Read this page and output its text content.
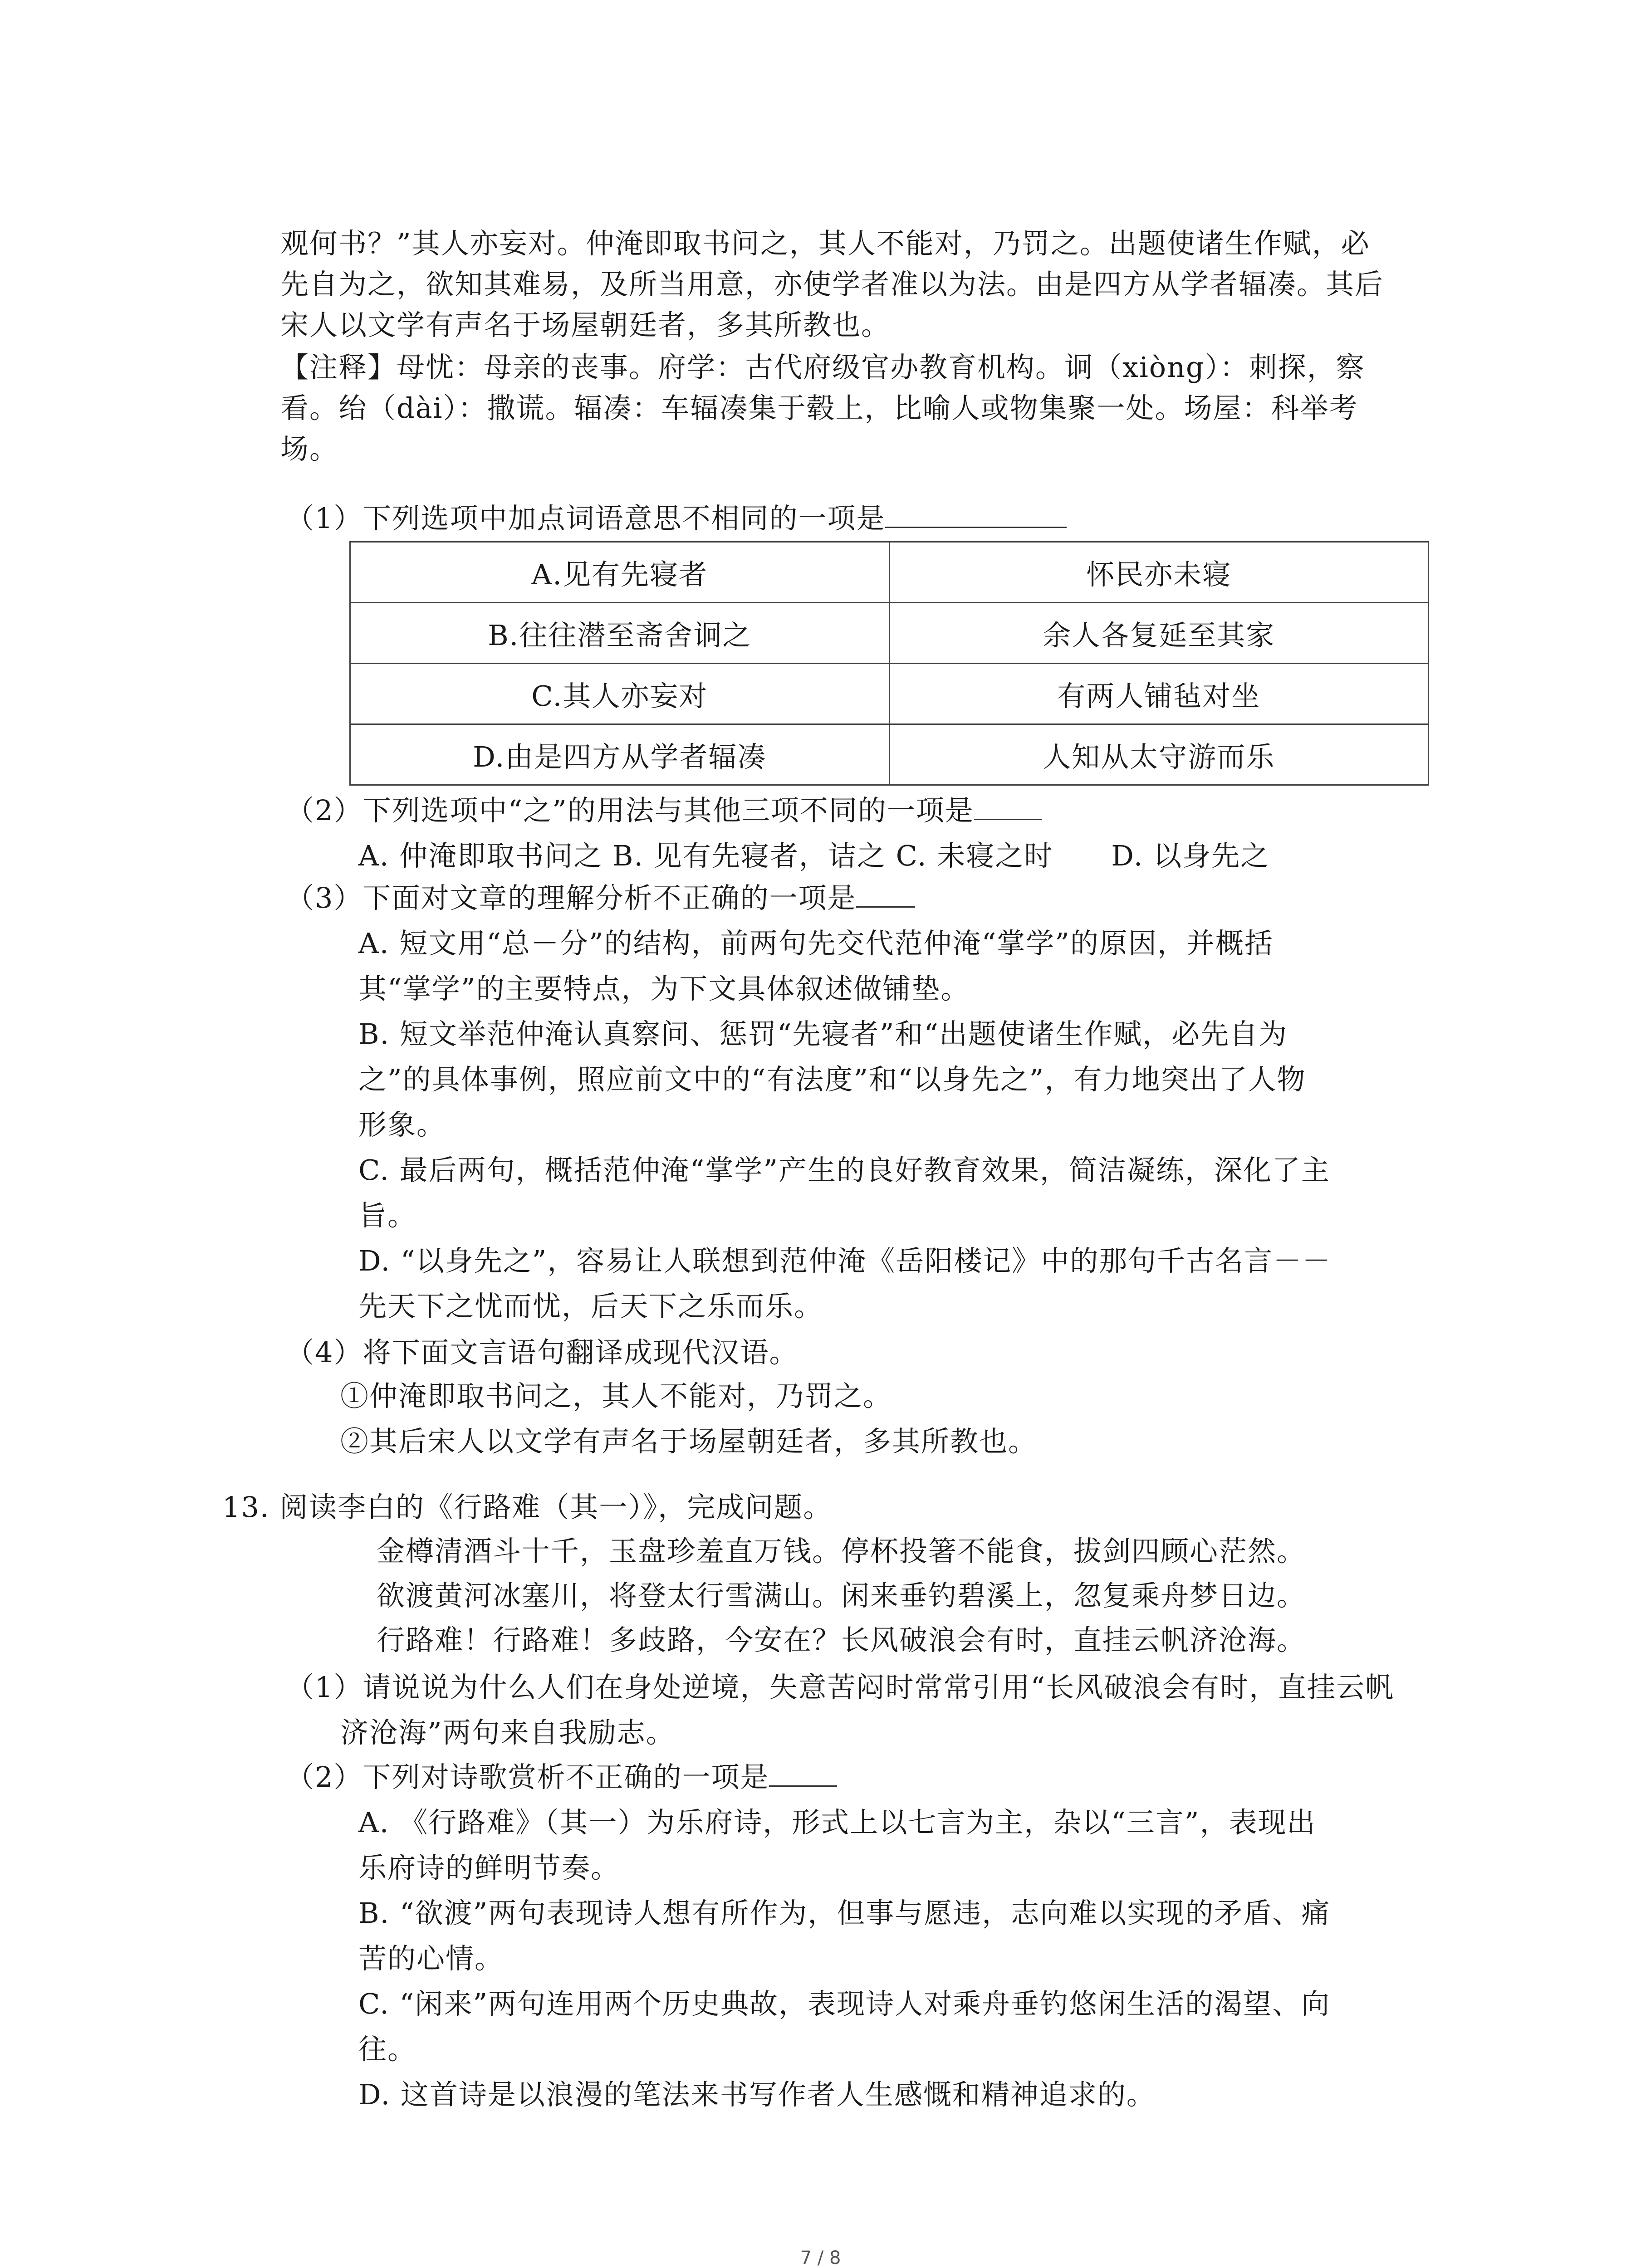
观何书？”其人亦妄对。仲淹即取书问之，其人不能对，乃罚之。出题使诸生作赋，必
先自为之，欲知其难易，及所当用意，亦使学者准以为法。由是四方从学者辐凑。其后
宋人以文学有声名于场屋朝廷者，多其所教也。
【注释】母忧：母亲的丧事。府学：古代府级官办教育机构。诇（xiòng）：刺探，察
看。绐（dài）：撒谎。辐凑：车辐凑集于毂上，比喻人或物集聚一处。场屋：科举考
场。
（1）下列选项中加点词语意思不相同的一项是
A.见有先寝者	怀民亦未寝
B.往往潜至斋舍诇之	余人各复延至其家
C.其人亦妄对	有两人铺毡对坐
D.由是四方从学者辐凑	人知从太守游而乐
（2）下列选项中“之”的用法与其他三项不同的一项是
A. 仲淹即取书问之 B. 见有先寝者，诘之 C. 未寝之时　　D. 以身先之
（3）下面对文章的理解分析不正确的一项是
A. 短文用“总－分”的结构，前两句先交代范仲淹“掌学”的原因，并概括
其“掌学”的主要特点，为下文具体叙述做铺垫。
B. 短文举范仲淹认真察问、惩罚“先寝者”和“出题使诸生作赋，必先自为
之”的具体事例，照应前文中的“有法度”和“以身先之”，有力地突出了人物
形象。
C. 最后两句，概括范仲淹“掌学”产生的良好教育效果，简洁凝练，深化了主
旨。
D. “以身先之”，容易让人联想到范仲淹《岳阳楼记》中的那句千古名言－－
先天下之忧而忧，后天下之乐而乐。
（4）将下面文言语句翻译成现代汉语。
①仲淹即取书问之，其人不能对，乃罚之。
②其后宋人以文学有声名于场屋朝廷者，多其所教也。
13. 阅读李白的《行路难（其一）》，完成问题。
金樽清酒斗十千，玉盘珍羞直万钱。停杯投箸不能食，拔剑四顾心茫然。
欲渡黄河冰塞川，将登太行雪满山。闲来垂钓碧溪上，忽复乘舟梦日边。
行路难！行路难！多歧路，今安在？长风破浪会有时，直挂云帆济沧海。
（1）请说说为什么人们在身处逆境，失意苦闷时常常引用“长风破浪会有时，直挂云帆
济沧海”两句来自我励志。
（2）下列对诗歌赏析不正确的一项是
A. 《行路难》（其一）为乐府诗，形式上以七言为主，杂以“三言”，表现出
乐府诗的鲜明节奏。
B. “欲渡”两句表现诗人想有所作为，但事与愿违，志向难以实现的矛盾、痛
苦的心情。
C. “闲来”两句连用两个历史典故，表现诗人对乘舟垂钓悠闲生活的渴望、向
往。
D. 这首诗是以浪漫的笔法来书写作者人生感慨和精神追求的。
7 / 8
